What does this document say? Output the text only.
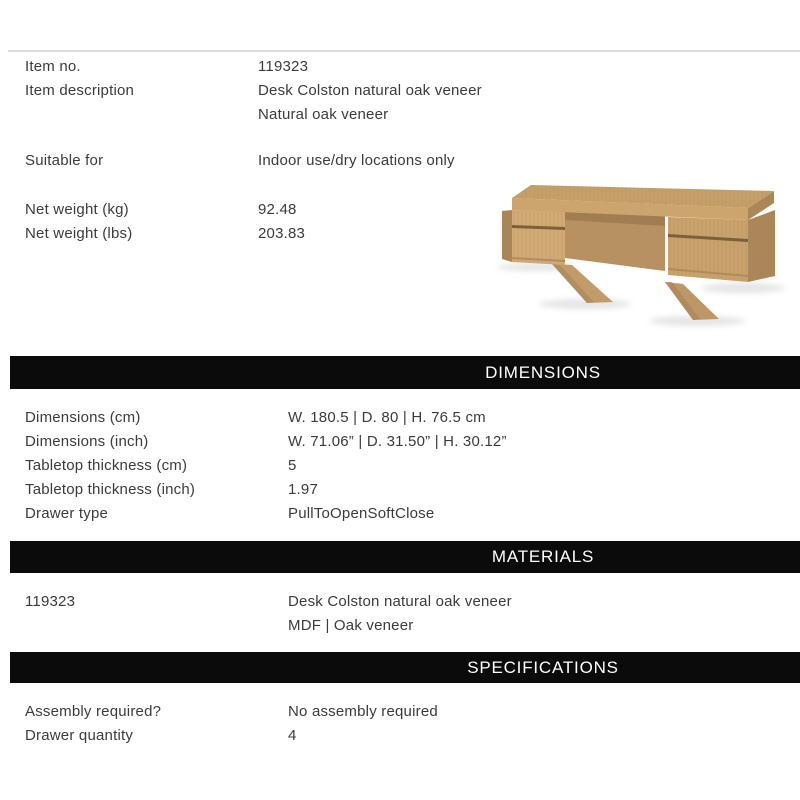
Item no.	119323
Item description	Desk Colston natural oak veneer
Natural oak veneer
Suitable for	Indoor use/dry locations only
Net weight (kg)	92.48
Net weight (lbs)	203.83
DIMENSIONS
Dimensions (cm)	W. 180.5 | D. 80 | H. 76.5 cm
Dimensions (inch)	W. 71.06” | D. 31.50” | H. 30.12”
Tabletop thickness (cm)	5
Tabletop thickness (inch)	1.97
Drawer type	PullToOpenSoftClose
MATERIALS
119323	Desk Colston natural oak veneer
MDF | Oak veneer
SPECIFICATIONS
Assembly required?	No assembly required
Drawer quantity	4
